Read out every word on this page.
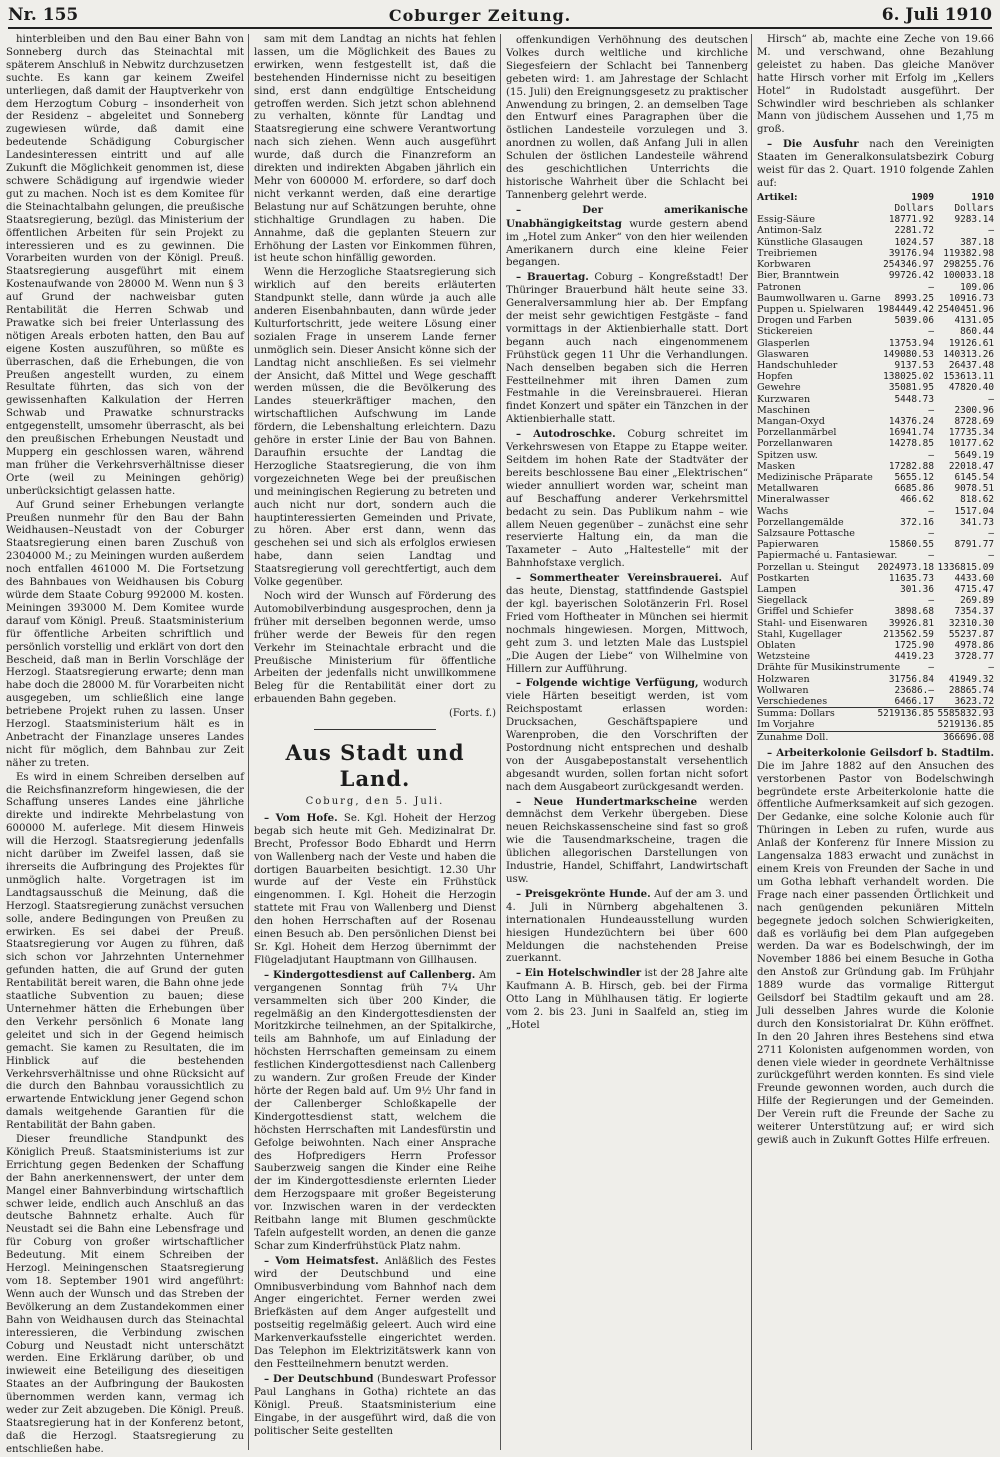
Nr. 155	Coburger Zeitung.	6. Juli 1910

hinterbleiben und den Bau einer Bahn von Sonneberg durch das Steinachtal mit späterem Anschluß in Nebwitz durchzusetzen suchte. Es kann gar keinem Zweifel unterliegen, daß damit der Hauptverkehr von dem Herzogtum Coburg – insonderheit von der Residenz – abgeleitet und Sonneberg zugewiesen würde, daß damit eine bedeutende Schädigung Coburgischer Landesinteressen eintritt und auf alle Zukunft die Möglichkeit genommen ist, diese schwere Schädigung auf irgendwie wieder gut zu machen. Noch ist es dem Komitee für die Steinachtalbahn gelungen, die preußische Staatsregierung, bezügl. das Ministerium der öffentlichen Arbeiten für sein Projekt zu interessieren und es zu gewinnen. Die Vorarbeiten wurden von der Königl. Preuß. Staatsregierung ausgeführt mit einem Kostenaufwande von 28000 M. Wenn nun § 3 auf Grund der nachweisbar guten Rentabilität die Herren Schwab und Prawatke sich bei freier Unterlassung des nötigen Areals erboten hatten, den Bau auf eigene Kosten auszuführen, so müßte es überraschen, daß die Erhebungen, die von Preußen angestellt wurden, zu einem Resultate führten, das sich von der gewissenhaften Kalkulation der Herren Schwab und Prawatke schnurstracks entgegenstellt, umsomehr überrascht, als bei den preußischen Erhebungen Neustadt und Mupperg ein geschlossen waren, während man früher die Verkehrsverhältnisse dieser Orte (weil zu Meiningen gehörig) unberücksichtigt gelassen hatte.

Auf Grund seiner Erhebungen verlangte Preußen nunmehr für den Bau der Bahn Weidhausen–Neustadt von der Coburger Staatsregierung einen baren Zuschuß von 2304000 M.; zu Meiningen wurden außerdem noch entfallen 461000 M. Die Fortsetzung des Bahnbaues von Weidhausen bis Coburg würde dem Staate Coburg 992000 M. kosten. Meiningen 393000 M. Dem Komitee wurde darauf vom Königl. Preuß. Staatsministerium für öffentliche Arbeiten schriftlich und persönlich vorstellig und erklärt von dort den Bescheid, daß man in Berlin Vorschläge der Herzogl. Staatsregierung erwarte; denn man habe doch die 28000 M. für Vorarbeiten nicht ausgegeben, um schließlich eine lange betriebene Projekt ruhen zu lassen. Unser Herzogl. Staatsministerium hält es in Anbetracht der Finanzlage unseres Landes nicht für möglich, dem Bahnbau zur Zeit näher zu treten.

Es wird in einem Schreiben derselben auf die Reichsfinanzreform hingewiesen, die der Schaffung unseres Landes eine jährliche direkte und indirekte Mehrbelastung von 600000 M. auferlege. Mit diesem Hinweis will die Herzogl. Staatsregierung jedenfalls nicht darüber im Zweifel lassen, daß sie ihrerseits die Aufbringung des Projektes für unmöglich halte. Vorgetragen ist im Landtagsausschuß die Meinung, daß die Herzogl. Staatsregierung zunächst versuchen solle, andere Bedingungen von Preußen zu erwirken. Es sei dabei der Preuß. Staatsregierung vor Augen zu führen, daß sich schon vor Jahrzehnten Unternehmer gefunden hatten, die auf Grund der guten Rentabilität bereit waren, die Bahn ohne jede staatliche Subvention zu bauen; diese Unternehmer hätten die Erhebungen über den Verkehr persönlich 6 Monate lang geleitet und sich in der Gegend heimisch gemacht. Sie kamen zu Resultaten, die im Hinblick auf die bestehenden Verkehrsverhältnisse und ohne Rücksicht auf die durch den Bahnbau voraussichtlich zu erwartende Entwicklung jener Gegend schon damals weitgehende Garantien für die Rentabilität der Bahn gaben.

Dieser freundliche Standpunkt des Königlich Preuß. Staatsministeriums ist zur Errichtung gegen Bedenken der Schaffung der Bahn anerkennenswert, der unter dem Mangel einer Bahnverbindung wirtschaftlich schwer leide, endlich auch Anschluß an das deutsche Bahnnetz erhalte. Auch für Neustadt sei die Bahn eine Lebensfrage und für Coburg von großer wirtschaftlicher Bedeutung. Mit einem Schreiben der Herzogl. Meiningenschen Staatsregierung vom 18. September 1901 wird angeführt: Wenn auch der Wunsch und das Streben der Bevölkerung an dem Zustandekommen einer Bahn von Weidhausen durch das Steinachtal interessieren, die Verbindung zwischen Coburg und Neustadt nicht unterschätzt werden. Eine Erklärung darüber, ob und inwieweit eine Beteiligung des dieseitigen Staates an der Aufbringung der Baukosten übernommen werden kann, vermag ich weder zur Zeit abzugeben. Die Königl. Preuß. Staatsregierung hat in der Konferenz betont, daß die Herzogl. Staatsregierung zu entschließen habe.

sam mit dem Landtag an nichts hat fehlen lassen, um die Möglichkeit des Baues zu erwirken, wenn festgestellt ist, daß die bestehenden Hindernisse nicht zu beseitigen sind, erst dann endgültige Entscheidung getroffen werden. Sich jetzt schon ablehnend zu verhalten, könnte für Landtag und Staatsregierung eine schwere Verantwortung nach sich ziehen. Wenn auch ausgeführt wurde, daß durch die Finanzreform an direkten und indirekten Abgaben jährlich ein Mehr von 600000 M. erfordere, so darf doch nicht verkannt werden, daß eine derartige Belastung nur auf Schätzungen beruhte, ohne stichhaltige Grundlagen zu haben. Die Annahme, daß die geplanten Steuern zur Erhöhung der Lasten vor Einkommen führen, ist heute schon hinfällig geworden.

Wenn die Herzogliche Staatsregierung sich wirklich auf den bereits erläuterten Standpunkt stelle, dann würde ja auch alle anderen Eisenbahnbauten, dann würde jeder Kulturfortschritt, jede weitere Lösung einer sozialen Frage in unserem Lande ferner unmöglich sein. Dieser Ansicht könne sich der Landtag nicht anschließen. Es sei vielmehr der Ansicht, daß Mittel und Wege geschafft werden müssen, die die Bevölkerung des Landes steuerkräftiger machen, den wirtschaftlichen Aufschwung im Lande fördern, die Lebenshaltung erleichtern. Dazu gehöre in erster Linie der Bau von Bahnen. Daraufhin ersuchte der Landtag die Herzogliche Staatsregierung, die von ihm vorgezeichneten Wege bei der preußischen und meiningischen Regierung zu betreten und auch nicht nur dort, sondern auch die hauptinteressierten Gemeinden und Private, zu hören. Aber erst dann, wenn das geschehen sei und sich als erfolglos erwiesen habe, dann seien Landtag und Staatsregierung voll gerechtfertigt, auch dem Volke gegenüber.

Noch wird der Wunsch auf Förderung des Automobilverbindung ausgesprochen, denn ja früher mit derselben begonnen werde, umso früher werde der Beweis für den regen Verkehr im Steinachtale erbracht und die Preußische Ministerium für öffentliche Arbeiten der jedenfalls nicht unwillkommene Beleg für die Rentabilität einer dort zu erbauenden Bahn gegeben.

(Forts. f.)
Aus Stadt und Land.
Coburg, den 5. Juli.

– Vom Hofe. Se. Kgl. Hoheit der Herzog begab sich heute mit Geh. Medizinalrat Dr. Brecht, Professor Bodo Ebhardt und Herrn von Wallenberg nach der Veste und haben die dortigen Bauarbeiten besichtigt. 12.30 Uhr wurde auf der Veste ein Frühstück eingenommen. I. Kgl. Hoheit die Herzogin stattete mit Frau von Wallenberg und Dienst den hohen Herrschaften auf der Rosenau einen Besuch ab. Den persönlichen Dienst bei Sr. Kgl. Hoheit dem Herzog übernimmt der Flügeladjutant Hauptmann von Gillhausen.

– Kindergottesdienst auf Callenberg. Am vergangenen Sonntag früh 7¼ Uhr versammelten sich über 200 Kinder, die regelmäßig an den Kindergottesdiensten der Moritzkirche teilnehmen, an der Spitalkirche, teils am Bahnhofe, um auf Einladung der höchsten Herrschaften gemeinsam zu einem festlichen Kindergottesdienst nach Callenberg zu wandern. Zur großen Freude der Kinder hörte der Regen bald auf. Um 9½ Uhr fand in der Callenberger Schloßkapelle der Kindergottesdienst statt, welchem die höchsten Herrschaften mit Landesfürstin und Gefolge beiwohnten. Nach einer Ansprache des Hofpredigers Herrn Professor Sauberzweig sangen die Kinder eine Reihe der im Kindergottesdienste erlernten Lieder dem Herzogspaare mit großer Begeisterung vor. Inzwischen waren in der verdeckten Reitbahn lange mit Blumen geschmückte Tafeln aufgestellt worden, an denen die ganze Schar zum Kinderfrühstück Platz nahm.

– Vom Heimatsfest. Anläßlich des Festes wird der Deutschbund und eine Omnibusverbindung vom Bahnhof nach dem Anger eingerichtet. Ferner werden zwei Briefkästen auf dem Anger aufgestellt und postseitig regelmäßig geleert. Auch wird eine Markenverkaufsstelle eingerichtet werden. Das Telephon im Elektrizitätswerk kann von den Festteilnehmern benutzt werden.

– Der Deutschbund (Bundeswart Professor Paul Langhans in Gotha) richtete an das Königl. Preuß. Staatsministerium eine Eingabe, in der ausgeführt wird, daß die von politischer Seite gestellten

offenkundigen Verhöhnung des deutschen Volkes durch weltliche und kirchliche Siegesfeiern der Schlacht bei Tannenberg gebeten wird: 1. am Jahrestage der Schlacht (15. Juli) den Ereignungsgesetz zu praktischer Anwendung zu bringen, 2. an demselben Tage den Entwurf eines Paragraphen über die östlichen Landesteile vorzulegen und 3. anordnen zu wollen, daß Anfang Juli in allen Schulen der östlichen Landesteile während des geschichtlichen Unterrichts die historische Wahrheit über die Schlacht bei Tannenberg gelehrt werde.

– Der amerikanische Unabhängigkeitstag wurde gestern abend im „Hotel zum Anker“ von den hier weilenden Amerikanern durch eine kleine Feier begangen.

– Brauertag. Coburg – Kongreßstadt! Der Thüringer Brauerbund hält heute seine 33. Generalversammlung hier ab. Der Empfang der meist sehr gewichtigen Festgäste – fand vormittags in der Aktienbierhalle statt. Dort begann auch nach eingenommenem Frühstück gegen 11 Uhr die Verhandlungen. Nach denselben begaben sich die Herren Festteilnehmer mit ihren Damen zum Festmahle in die Vereinsbrauerei. Hieran findet Konzert und später ein Tänzchen in der Aktienbierhalle statt.

– Autodroschke. Coburg schreitet im Verkehrswesen von Etappe zu Etappe weiter. Seitdem im hohen Rate der Stadtväter der bereits beschlossene Bau einer „Elektrischen“ wieder annulliert worden war, scheint man auf Beschaffung anderer Verkehrsmittel bedacht zu sein. Das Publikum nahm – wie allem Neuen gegenüber – zunächst eine sehr reservierte Haltung ein, da man die Taxameter – Auto „Haltestelle“ mit der Bahnhofstaxe verglich.

– Sommertheater Vereinsbrauerei. Auf das heute, Dienstag, stattfindende Gastspiel der kgl. bayerischen Solotänzerin Frl. Rosel Fried vom Hoftheater in München sei hiermit nochmals hingewiesen. Morgen, Mittwoch, geht zum 3. und letzten Male das Lustspiel „Die Augen der Liebe“ von Wilhelmine von Hillern zur Aufführung.

– Folgende wichtige Verfügung, wodurch viele Härten beseitigt werden, ist vom Reichspostamt erlassen worden: Drucksachen, Geschäftspapiere und Warenproben, die den Vorschriften der Postordnung nicht entsprechen und deshalb von der Ausgabepostanstalt versehentlich abgesandt wurden, sollen fortan nicht sofort nach dem Ausgabeort zurückgesandt werden.

– Neue Hundertmarkscheine werden demnächst dem Verkehr übergeben. Diese neuen Reichskassenscheine sind fast so groß wie die Tausendmarkscheine, tragen die üblichen allegorischen Darstellungen von Industrie, Handel, Schiffahrt, Landwirtschaft usw.

– Preisgekrönte Hunde. Auf der am 3. und 4. Juli in Nürnberg abgehaltenen 3. internationalen Hundeausstellung wurden hiesigen Hundezüchtern bei über 600 Meldungen die nachstehenden Preise zuerkannt.

– Ein Hotelschwindler ist der 28 Jahre alte Kaufmann A. B. Hirsch, geb. bei der Firma Otto Lang in Mühlhausen tätig. Er logierte vom 2. bis 23. Juni in Saalfeld an, stieg im „Hotel

Hirsch“ ab, machte eine Zeche von 19.66 M. und verschwand, ohne Bezahlung geleistet zu haben. Das gleiche Manöver hatte Hirsch vorher mit Erfolg im „Kellers Hotel“ in Rudolstadt ausgeführt. Der Schwindler wird beschrieben als schlanker Mann von jüdischem Aussehen und 1,75 m groß.

– Die Ausfuhr nach den Vereinigten Staaten im Generalkonsulatsbezirk Coburg weist für das 2. Quart. 1910 folgende Zahlen auf:

Artikel:	1909	1910
	Dollars	Dollars
Essig-Säure	18771.92	9283.14
Antimon-Salz	2281.72	—
Künstliche Glasaugen	1024.57	387.18
Treibriemen	39176.94	119382.98
Korbwaren	254346.97	298255.76
Bier, Branntwein	99726.42	100033.18
Patronen	—	109.06
Baumwollwaren u. Garne	8993.25	10916.73
Puppen u. Spielwaren	1984449.42	2540451.96
Drogen und Farben	5039.06	4131.05
Stickereien	—	860.44
Glasperlen	13753.94	19126.61
Glaswaren	149080.53	140313.26
Handschuhleder	9137.53	26437.48
Hopfen	138025.02	153613.11
Gewehre	35081.95	47820.40
Kurzwaren	5448.73	—
Maschinen	—	2300.96
Mangan-Oxyd	14376.24	8728.69
Porzellanmärbel	16941.74	17735.34
Porzellanwaren	14278.85	10177.62
Spitzen usw.	—	5649.19
Masken	17282.88	22018.47
Medizinische Präparate	5655.12	6145.54
Metallwaren	6685.86	9078.51
Mineralwasser	466.62	818.62
Wachs	—	1517.04
Porzellangemälde	372.16	341.73
Salzsaure Pottasche	—	—
Papierwaren	15860.55	8791.77
Papiermaché u. Fantasiewar.	—	—
Porzellan u. Steingut	2024973.18	1336815.09
Postkarten	11635.73	4433.60
Lampen	301.36	4715.47
Siegellack	—	269.89
Griffel und Schiefer	3898.68	7354.37
Stahl- und Eisenwaren	39926.81	32310.30
Stahl, Kugellager	213562.59	55237.87
Oblaten	1725.90	4978.86
Wetzsteine	4419.23	3728.77
Drähte für Musikinstrumente	—	—
Holzwaren	31756.84	41949.32
Wollwaren	23686.—	28865.74
Verschiedenes	6466.17	3623.72
Summa: Dollars	5219136.85	5585832.93
Im Vorjahre		5219136.85
Zunahme Doll.		366696.08

– Arbeiterkolonie Geilsdorf b. Stadtilm. Die im Jahre 1882 auf den Ansuchen des verstorbenen Pastor von Bodelschwingh begründete erste Arbeiterkolonie hatte die öffentliche Aufmerksamkeit auf sich gezogen. Der Gedanke, eine solche Kolonie auch für Thüringen in Leben zu rufen, wurde aus Anlaß der Konferenz für Innere Mission zu Langensalza 1883 erwacht und zunächst in einem Kreis von Freunden der Sache in und um Gotha lebhaft verhandelt worden. Die Frage nach einer passenden Örtlichkeit und nach genügenden pekuniären Mitteln begegnete jedoch solchen Schwierigkeiten, daß es vorläufig bei dem Plan aufgegeben werden. Da war es Bodelschwingh, der im November 1886 bei einem Besuche in Gotha den Anstoß zur Gründung gab. Im Frühjahr 1889 wurde das vormalige Rittergut Geilsdorf bei Stadtilm gekauft und am 28. Juli desselben Jahres wurde die Kolonie durch den Konsistorialrat Dr. Kühn eröffnet. In den 20 Jahren ihres Bestehens sind etwa 2711 Kolonisten aufgenommen worden, von denen viele wieder in geordnete Verhältnisse zurückgeführt werden konnten. Es sind viele Freunde gewonnen worden, auch durch die Hilfe der Regierungen und der Gemeinden. Der Verein ruft die Freunde der Sache zu weiterer Unterstützung auf; er wird sich gewiß auch in Zukunft Gottes Hilfe erfreuen.
